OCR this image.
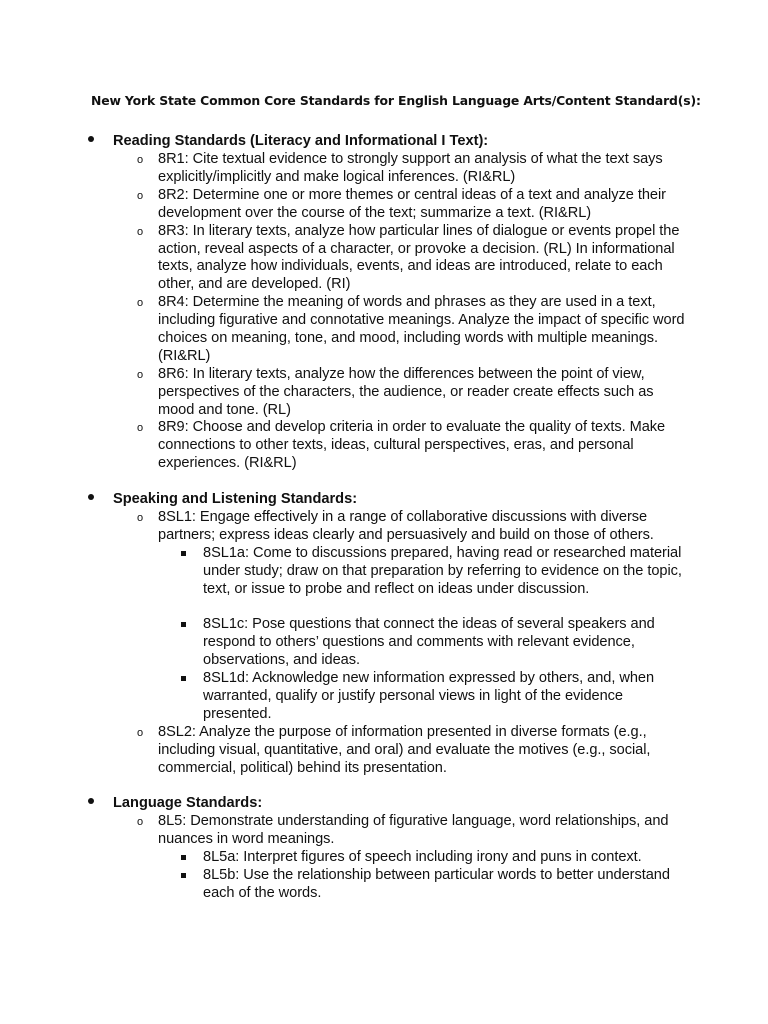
New York State Common Core Standards for English Language Arts/Content Standard(s):

Reading Standards (Literacy and Informational I Text):
o 8R1: Cite textual evidence to strongly support an analysis of what the text says explicitly/implicitly and make logical inferences. (RI&RL)

o 8R2: Determine one or more themes or central ideas of a text and analyze their development over the course of the text; summarize a text. (RI&RL)

o 8R3: In literary texts, analyze how particular lines of dialogue or events propel the action, reveal aspects of a character, or provoke a decision. (RL) In informational texts, analyze how individuals, events, and ideas are introduced, relate to each other, and are developed. (RI)

o 8R4: Determine the meaning of words and phrases as they are used in a text, including figurative and connotative meanings. Analyze the impact of specific word choices on meaning, tone, and mood, including words with multiple meanings. (RI&RL)

o 8R6: In literary texts, analyze how the differences between the point of view, perspectives of the characters, the audience, or reader create effects such as mood and tone. (RL)

o 8R9: Choose and develop criteria in order to evaluate the quality of texts. Make connections to other texts, ideas, cultural perspectives, eras, and personal experiences. (RI&RL)

Speaking and Listening Standards:
o 8SL1: Engage effectively in a range of collaborative discussions with diverse partners; express ideas clearly and persuasively and build on those of others.

8SL1a: Come to discussions prepared, having read or researched material under study; draw on that preparation by referring to evidence on the topic, text, or issue to probe and reflect on ideas under discussion.

8SL1c: Pose questions that connect the ideas of several speakers and respond to others’ questions and comments with relevant evidence, observations, and ideas.

8SL1d: Acknowledge new information expressed by others, and, when warranted, qualify or justify personal views in light of the evidence presented.

o 8SL2: Analyze the purpose of information presented in diverse formats (e.g., including visual, quantitative, and oral) and evaluate the motives (e.g., social, commercial, political) behind its presentation.

Language Standards:
o 8L5: Demonstrate understanding of figurative language, word relationships, and nuances in word meanings.

8L5a: Interpret figures of speech including irony and puns in context.

8L5b: Use the relationship between particular words to better understand each of the words.
